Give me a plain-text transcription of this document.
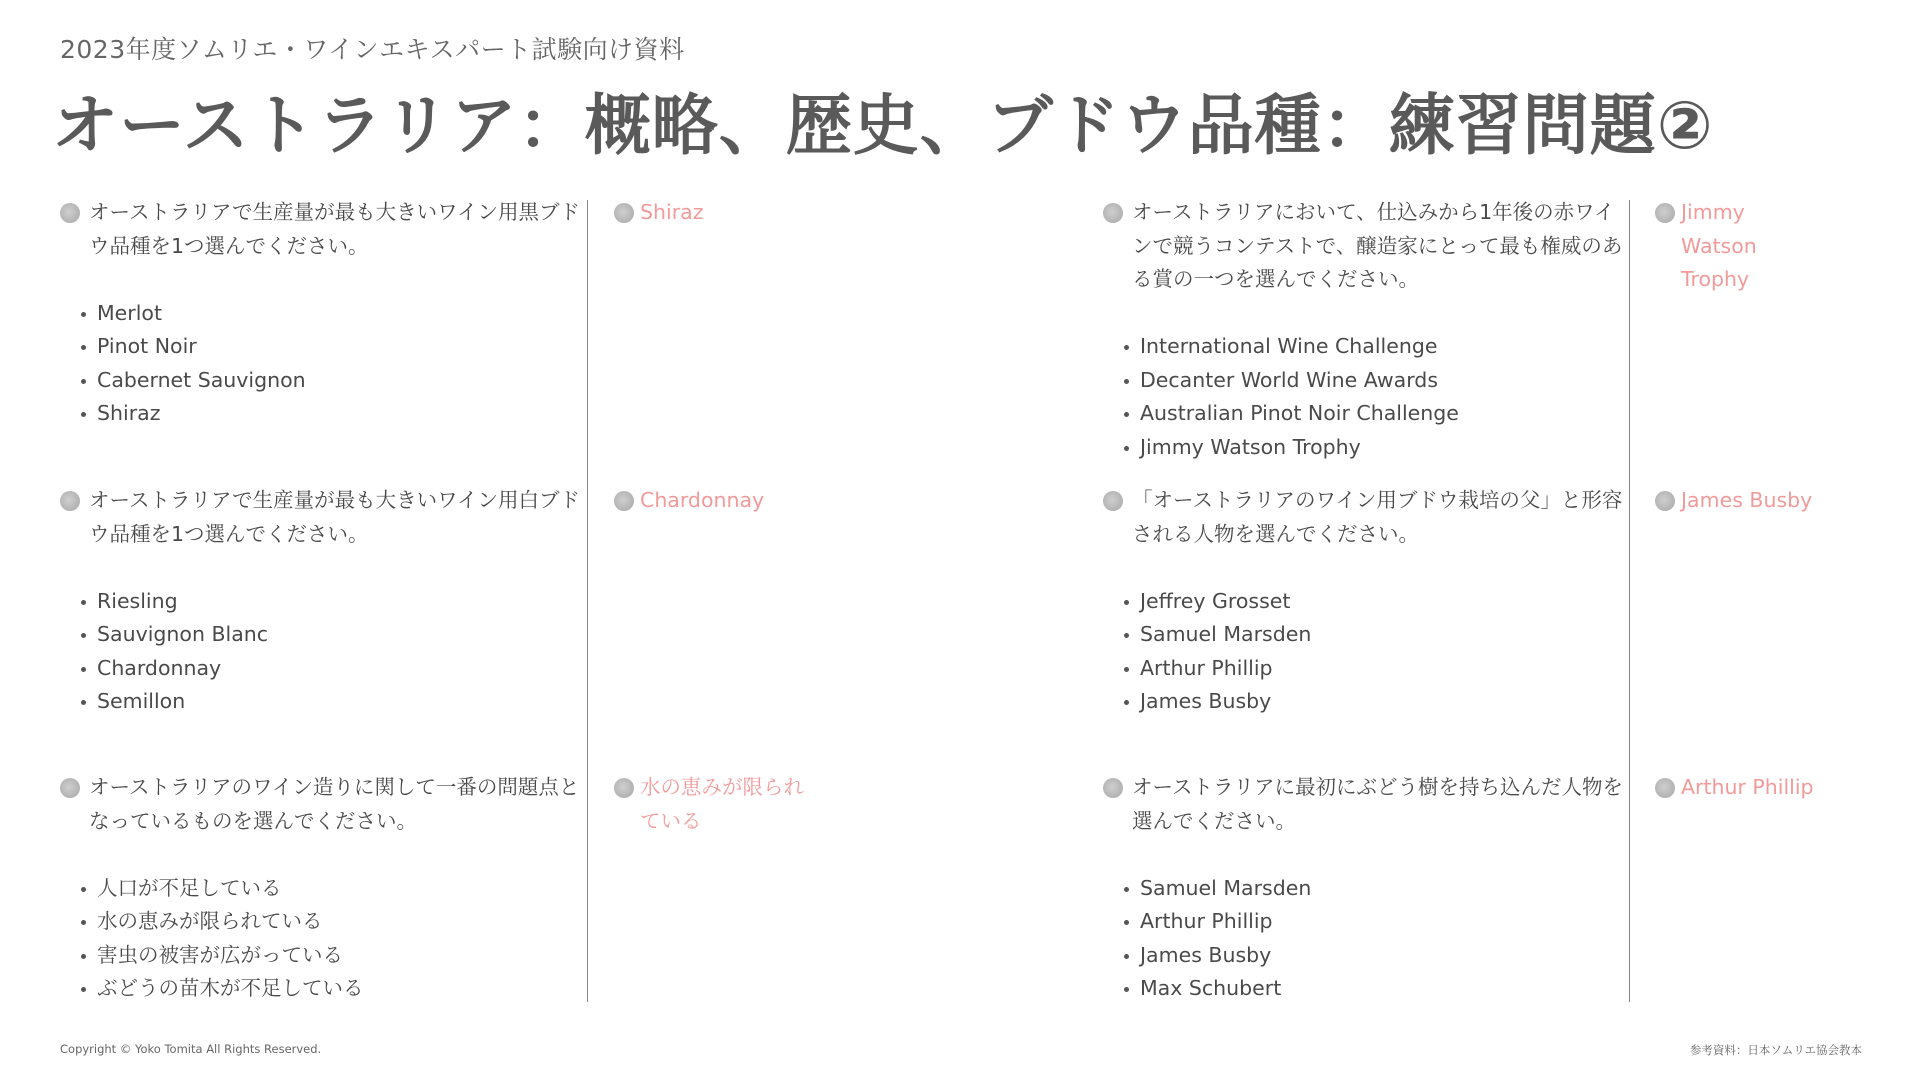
2023年度ソムリエ・ワインエキスパート試験向け資料
オーストラリア：概略、歴史、ブドウ品種：練習問題②
オーストラリアで生産量が最も大きいワイン用黒ブドウ品種を1つ選んでください。
Merlot
Pinot Noir
Cabernet Sauvignon
Shiraz
オーストラリアで生産量が最も大きいワイン用白ブドウ品種を1つ選んでください。
Riesling
Sauvignon Blanc
Chardonnay
Semillon
オーストラリアのワイン造りに関して一番の問題点となっているものを選んでください。
人口が不足している
水の恵みが限られている
害虫の被害が広がっている
ぶどうの苗木が不足している
Shiraz
Chardonnay
水の恵みが限られている
オーストラリアにおいて、仕込みから1年後の赤ワインで競うコンテストで、醸造家にとって最も権威のある賞の一つを選んでください。
International Wine Challenge
Decanter World Wine Awards
Australian Pinot Noir Challenge
Jimmy Watson Trophy
「オーストラリアのワイン用ブドウ栽培の父」と形容される人物を選んでください。
Jeffrey Grosset
Samuel Marsden
Arthur Phillip
James Busby
オーストラリアに最初にぶどう樹を持ち込んだ人物を選んでください。
Samuel Marsden
Arthur Phillip
James Busby
Max Schubert
Jimmy Watson Trophy
James Busby
Arthur Phillip
Copyright © Yoko Tomita All Rights Reserved.	参考資料：日本ソムリエ協会教本
